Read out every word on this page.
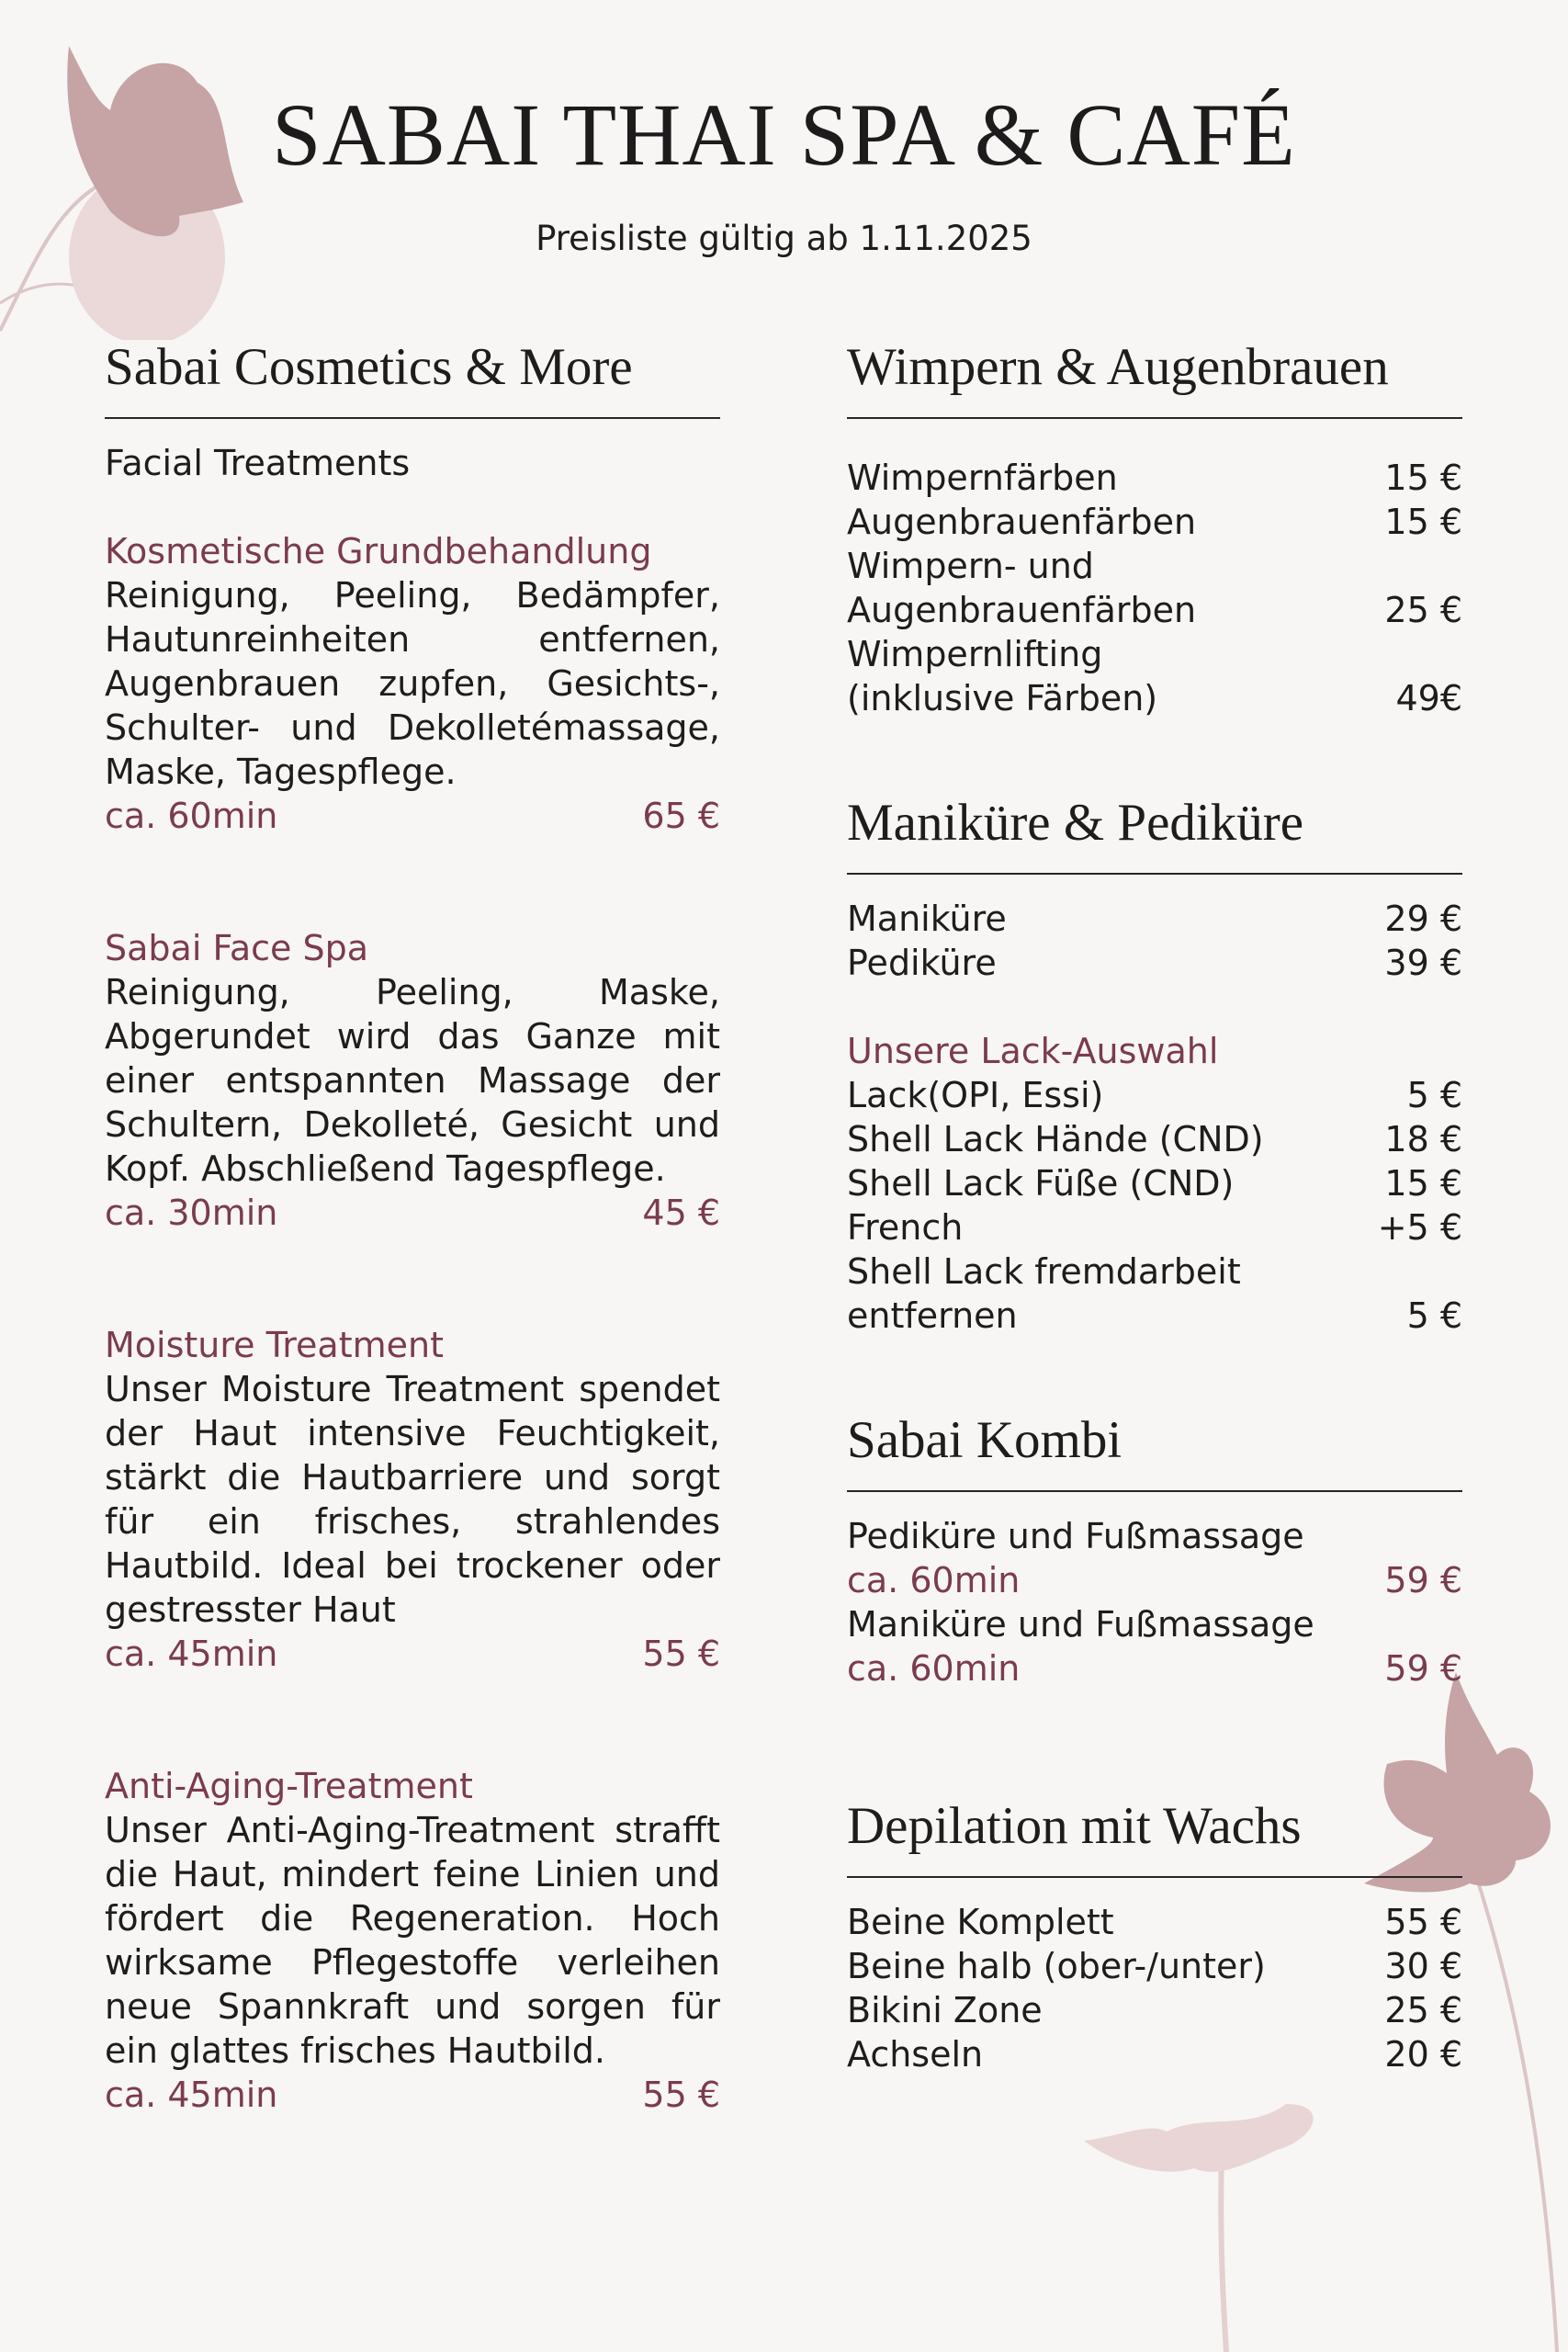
SABAI THAI SPA & CAFÉ
Preisliste gültig ab 1.11.2025
Sabai Cosmetics & More
Facial Treatments
Kosmetische Grundbehandlung
Reinigung, Peeling, Bedämpfer, Hautunreinheiten entfernen, Augenbrauen zupfen, Gesichts-, Schulter- und Dekolletémassage, Maske, Tagespflege.
ca. 60min	65 €
Sabai Face Spa
Reinigung, Peeling, Maske, Abgerundet wird das Ganze mit einer entspannten Massage der Schultern, Dekolleté, Gesicht und Kopf. Abschließend Tagespflege.
ca. 30min	45 €
Moisture Treatment
Unser Moisture Treatment spendet der Haut intensive Feuchtigkeit, stärkt die Hautbarriere und sorgt für ein frisches, strahlendes Hautbild. Ideal bei trockener oder gestresster Haut
ca. 45min	55 €
Anti-Aging-Treatment
Unser Anti-Aging-Treatment strafft die Haut, mindert feine Linien und fördert die Regeneration. Hoch wirksame Pflegestoffe verleihen neue Spannkraft und sorgen für ein glattes frisches Hautbild.
ca. 45min	55 €
Wimpern & Augenbrauen
Wimpernfärben	15 €
Augenbrauenfärben	15 €
Wimpern- und
Augenbrauenfärben	25 €
Wimpernlifting
(inklusive Färben)	49€
Maniküre & Pediküre
Maniküre	29 €
Pediküre	39 €
Unsere Lack-Auswahl
Lack(OPI, Essi)	5 €
Shell Lack Hände (CND)	18 €
Shell Lack Füße (CND)	15 €
French	+5 €
Shell Lack fremdarbeit
entfernen	5 €
Sabai Kombi
Pediküre und Fußmassage
ca. 60min	59 €
Maniküre und Fußmassage
ca. 60min	59 €
Depilation mit Wachs
Beine Komplett	55 €
Beine halb (ober-/unter)	30 €
Bikini Zone	25 €
Achseln	20 €
